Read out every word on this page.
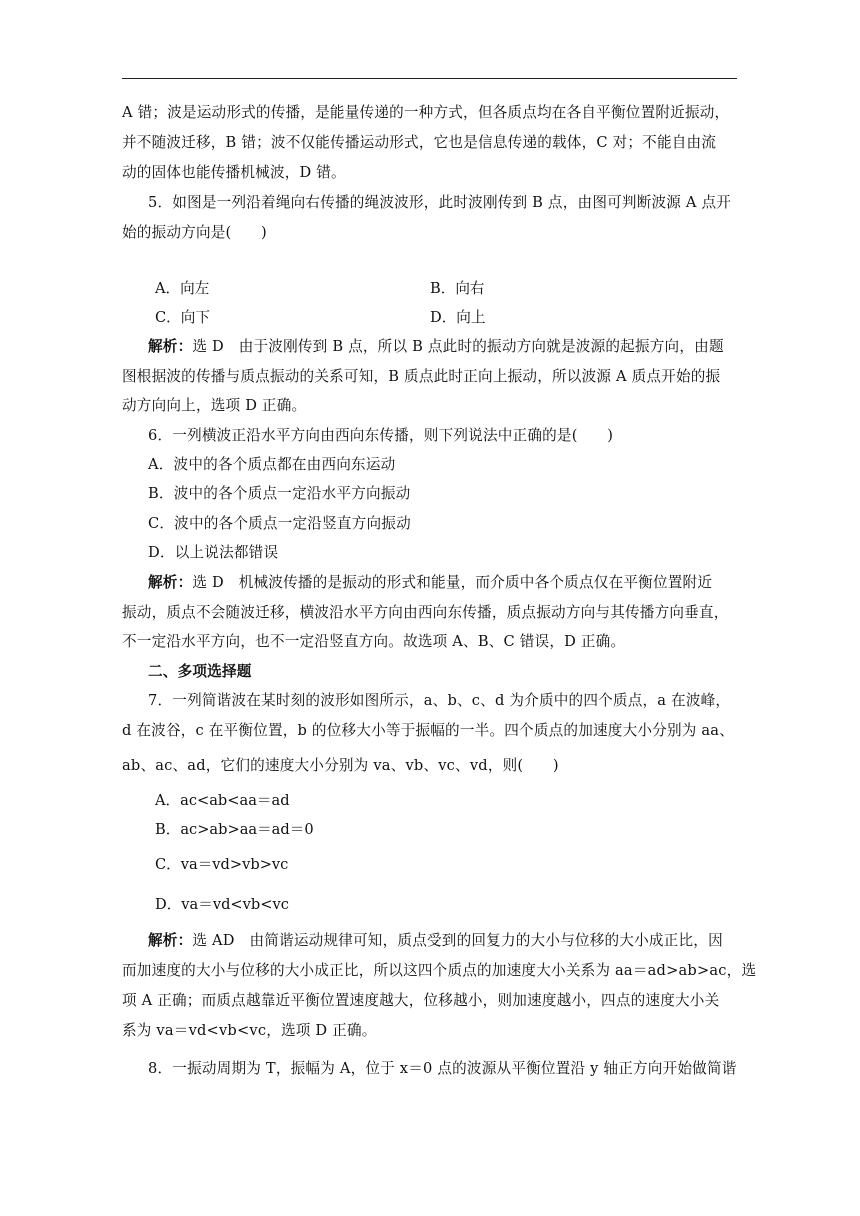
A 错；波是运动形式的传播，是能量传递的一种方式，但各质点均在各自平衡位置附近振动，
并不随波迁移，B 错；波不仅能传播运动形式，它也是信息传递的载体，C 对；不能自由流
动的固体也能传播机械波，D 错。
5．如图是一列沿着绳向右传播的绳波波形，此时波刚传到 B 点，由图可判断波源 A 点开
始的振动方向是(　　)
A．向左	B．向右
C．向下	D．向上
解析：选 D　由于波刚传到 B 点，所以 B 点此时的振动方向就是波源的起振方向，由题
图根据波的传播与质点振动的关系可知，B 质点此时正向上振动，所以波源 A 质点开始的振
动方向向上，选项 D 正确。
6．一列横波正沿水平方向由西向东传播，则下列说法中正确的是(　　)
A．波中的各个质点都在由西向东运动
B．波中的各个质点一定沿水平方向振动
C．波中的各个质点一定沿竖直方向振动
D．以上说法都错误
解析：选 D　机械波传播的是振动的形式和能量，而介质中各个质点仅在平衡位置附近
振动，质点不会随波迁移，横波沿水平方向由西向东传播，质点振动方向与其传播方向垂直，
不一定沿水平方向，也不一定沿竖直方向。故选项 A、B、C 错误，D 正确。
二、多项选择题
7．一列简谐波在某时刻的波形如图所示，a、b、c、d 为介质中的四个质点，a 在波峰，
d 在波谷，c 在平衡位置，b 的位移大小等于振幅的一半。四个质点的加速度大小分别为 aa、
ab、ac、ad，它们的速度大小分别为 va、vb、vc、vd，则(　　)
A．ac<ab<aa＝ad
B．ac>ab>aa＝ad＝0
C．va＝vd>vb>vc
D．va＝vd<vb<vc
解析：选 AD　由简谐运动规律可知，质点受到的回复力的大小与位移的大小成正比，因
而加速度的大小与位移的大小成正比，所以这四个质点的加速度大小关系为 aa＝ad>ab>ac，选
项 A 正确；而质点越靠近平衡位置速度越大，位移越小，则加速度越小，四点的速度大小关
系为 va＝vd<vb<vc，选项 D 正确。
8．一振动周期为 T，振幅为 A，位于 x＝0 点的波源从平衡位置沿 y 轴正方向开始做简谐
